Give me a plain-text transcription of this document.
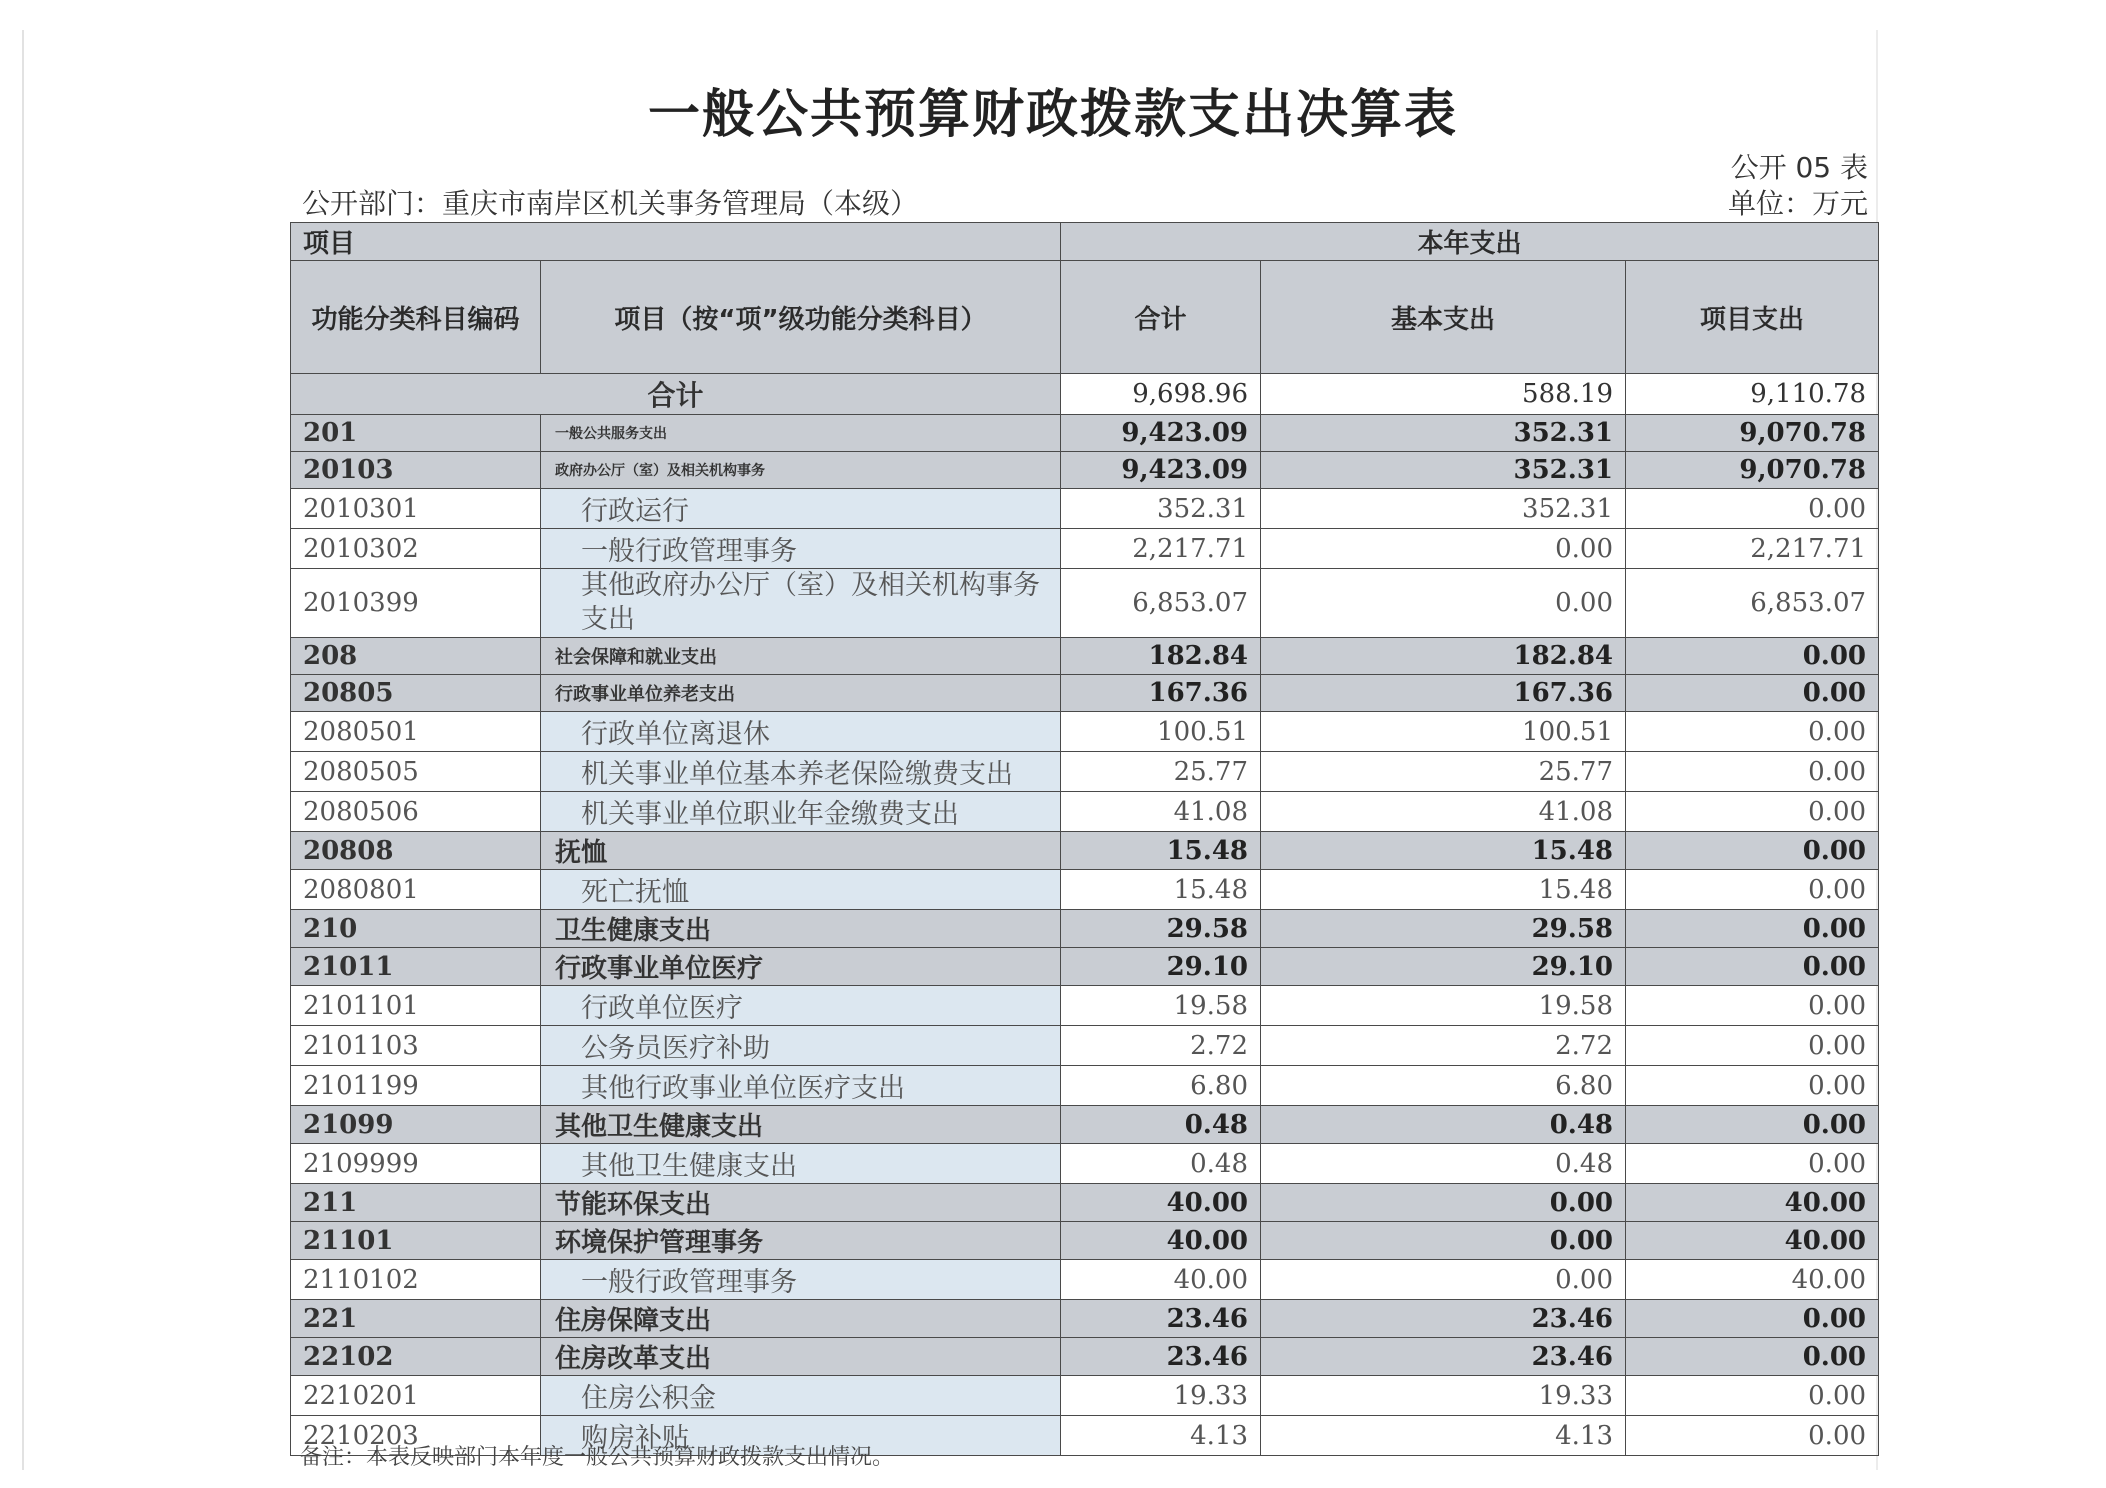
一般公共预算财政拨款支出决算表
公开 05 表
公开部门：重庆市南岸区机关事务管理局（本级）	单位：万元
项目		本年支出		
功能分类科目编码	项目（按“项”级功能分类科目）	合计	基本支出	项目支出
合计		9,698.96	588.19	9,110.78
201	一般公共服务支出	9,423.09	352.31	9,070.78
20103	政府办公厅（室）及相关机构事务	9,423.09	352.31	9,070.78
2010301	行政运行	352.31	352.31	0.00
2010302	一般行政管理事务	2,217.71	0.00	2,217.71
2010399	其他政府办公厅（室）及相关机构事务支出	6,853.07	0.00	6,853.07
208	社会保障和就业支出	182.84	182.84	0.00
20805	行政事业单位养老支出	167.36	167.36	0.00
2080501	行政单位离退休	100.51	100.51	0.00
2080505	机关事业单位基本养老保险缴费支出	25.77	25.77	0.00
2080506	机关事业单位职业年金缴费支出	41.08	41.08	0.00
20808	抚恤	15.48	15.48	0.00
2080801	死亡抚恤	15.48	15.48	0.00
210	卫生健康支出	29.58	29.58	0.00
21011	行政事业单位医疗	29.10	29.10	0.00
2101101	行政单位医疗	19.58	19.58	0.00
2101103	公务员医疗补助	2.72	2.72	0.00
2101199	其他行政事业单位医疗支出	6.80	6.80	0.00
21099	其他卫生健康支出	0.48	0.48	0.00
2109999	其他卫生健康支出	0.48	0.48	0.00
211	节能环保支出	40.00	0.00	40.00
21101	环境保护管理事务	40.00	0.00	40.00
2110102	一般行政管理事务	40.00	0.00	40.00
221	住房保障支出	23.46	23.46	0.00
22102	住房改革支出	23.46	23.46	0.00
2210201	住房公积金	19.33	19.33	0.00
2210203	购房补贴	4.13	4.13	0.00
备注：本表反映部门本年度一般公共预算财政拨款支出情况。
